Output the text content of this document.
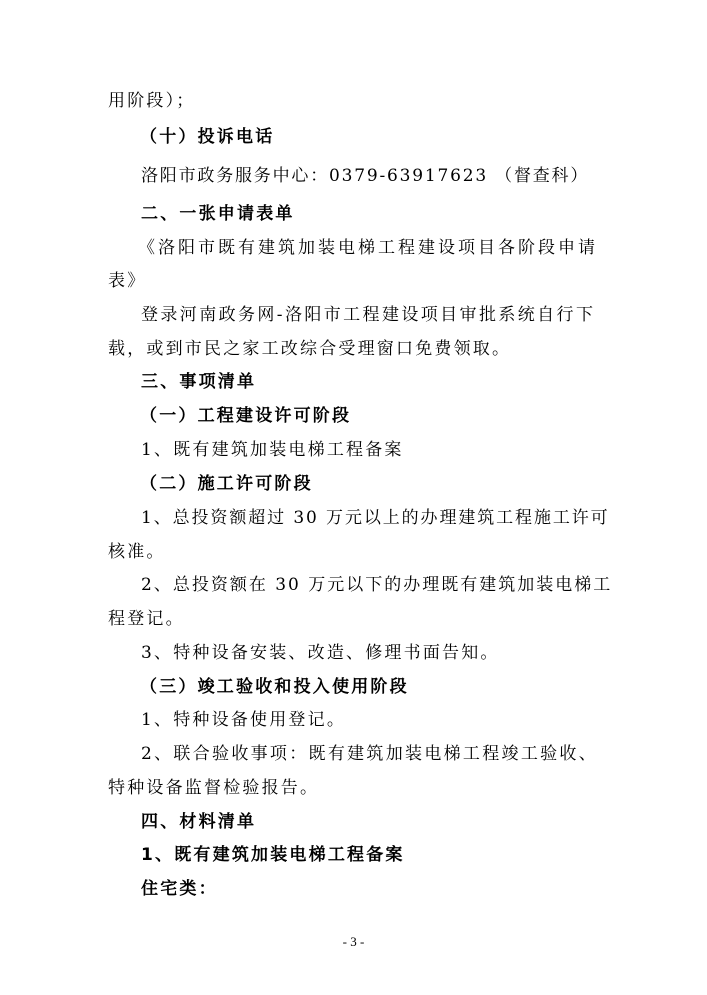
用阶段）；
（十）投诉电话
洛阳市政务服务中心：0379-63917623 （督查科）
二、一张申请表单
《洛阳市既有建筑加装电梯工程建设项目各阶段申请
表》
登录河南政务网-洛阳市工程建设项目审批系统自行下
载，或到市民之家工改综合受理窗口免费领取。
三、事项清单
（一）工程建设许可阶段
1、既有建筑加装电梯工程备案
（二）施工许可阶段
1、总投资额超过 30 万元以上的办理建筑工程施工许可
核准。
2、总投资额在 30 万元以下的办理既有建筑加装电梯工
程登记。
3、特种设备安装、改造、修理书面告知。
（三）竣工验收和投入使用阶段
1、特种设备使用登记。
2、联合验收事项：既有建筑加装电梯工程竣工验收、
特种设备监督检验报告。
四、材料清单
1、既有建筑加装电梯工程备案
住宅类：
- 3 -
